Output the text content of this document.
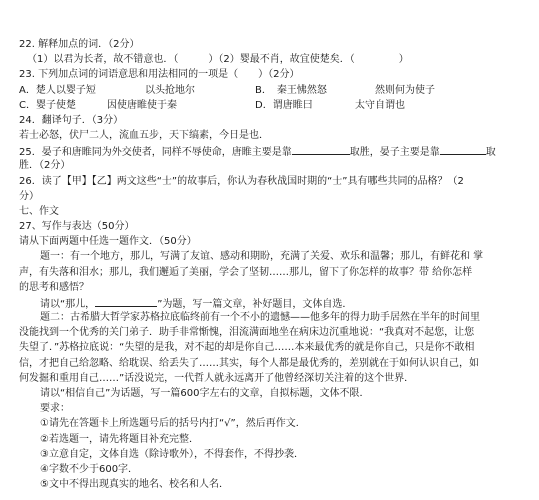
22. 解释加点的词．（2分）
（1）以君为长者，故不错意也．（	）（2）婴最不肖，故宜使楚矣．（	）
23. 下列加点词的词语意思和用法相同的一项是（　　）（2分）
A．楚人以婴子短	以头抢地尔	B．　秦王怫然怒	然则何为使子
C．婴子使楚	因使唐睢使于秦	D．谓唐睢曰	太守自谓也
24．翻译句子．（3分）
若士必怒，伏尸二人，流血五步，天下缟素，今日是也．
25．晏子和唐睢同为外交使者，同样不辱使命，唐睢主要是靠	取胜，晏子主要是靠	取
胜．（2分）
26．读了【甲】【乙】两文这些“士”的故事后，你认为春秋战国时期的“士”具有哪些共同的品格？（2
分）
七、作文
27、写作与表达（50分）
请从下面两题中任选一题作文．（50分）
题一：有一个地方，那儿，写满了友谊、感动和期盼，充满了关爱、欢乐和温馨；那儿，有鲜花和 掌
声，有失落和泪水；那儿，我们邂逅了美丽，学会了坚韧……那儿，留下了你怎样的故事？带 给你怎样
的思考和感悟？
请以“那儿，	”为题，写一篇文章，补好题目，文体自选．
题二：古希腊大哲学家苏格拉底临终前有一个不小的遗憾——他多年的得力助手居然在半年的时间里
没能找到一个优秀的关门弟子．助手非常惭愧，泪流满面地坐在病床边沉重地说：“我真对不起您，让您
失望了．”苏格拉底说：“失望的是我，对不起的却是你自己……本来最优秀的就是你自己，只是你不敢相
信，才把自己给忽略、给耽误、给丢失了……其实，每个人都是最优秀的，差别就在于如何认识自己，如
何发掘和重用自己……”话没说完，一代哲人就永远离开了他曾经深切关注着的这个世界．
请以“相信自己”为话题，写一篇600字左右的文章，自拟标题，文体不限．
要求：
①请先在答题卡上所选题号后的括号内打“√”，然后再作文．
②若选题一，请先将题目补充完整．
③立意自定，文体自选（除诗歌外），不得套作，不得抄袭．
④字数不少于600字．
⑤文中不得出现真实的地名、校名和人名．
